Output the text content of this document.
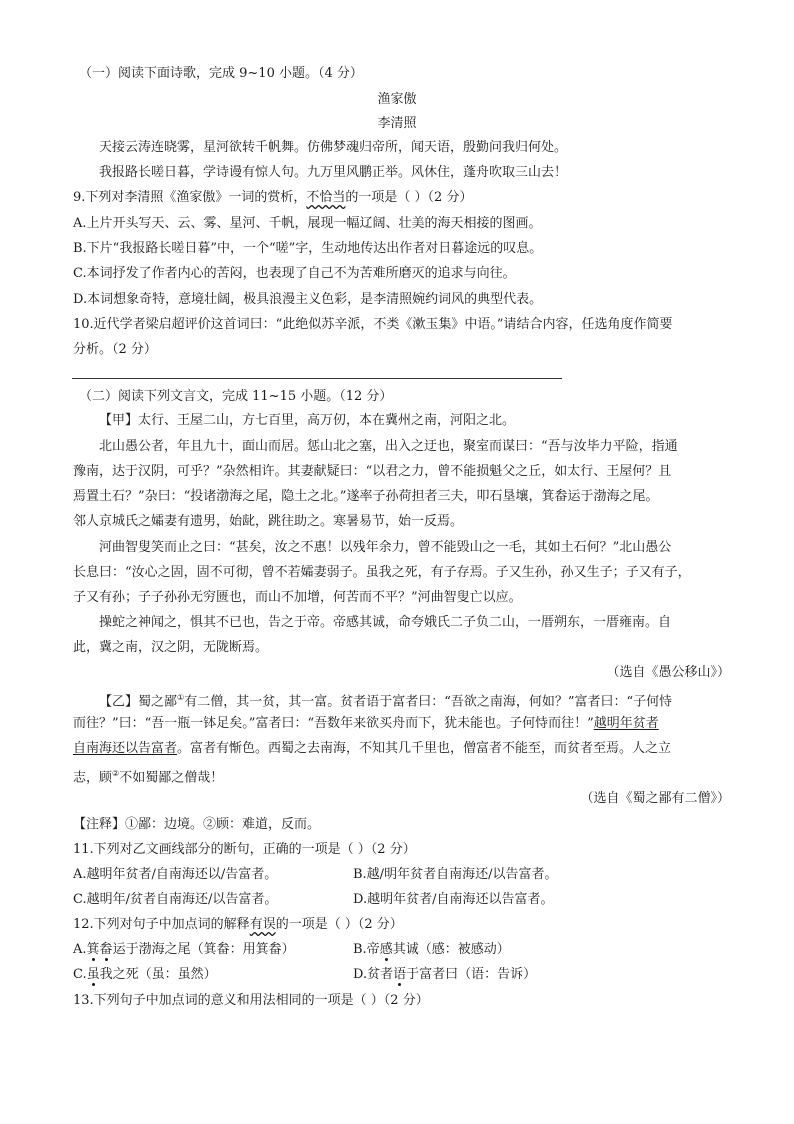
（一）阅读下面诗歌，完成 9~10 小题。（4 分）
渔家傲
李清照
天接云涛连晓雾，星河欲转千帆舞。仿佛梦魂归帝所，闻天语，殷勤问我归何处。
我报路长嗟日暮，学诗谩有惊人句。九万里风鹏正举。风休住，蓬舟吹取三山去！
9.下列对李清照《渔家傲》一词的赏析，不恰当的一项是（ ）（2 分）
A.上片开头写天、云、雾、星河、千帆，展现一幅辽阔、壮美的海天相接的图画。
B.下片“我报路长嗟日暮”中，一个“嗟”字，生动地传达出作者对日暮途远的叹息。
C.本词抒发了作者内心的苦闷，也表现了自己不为苦难所磨灭的追求与向往。
D.本词想象奇特，意境壮阔，极具浪漫主义色彩，是李清照婉约词风的典型代表。
10.近代学者梁启超评价这首词曰：“此绝似苏辛派，不类《漱玉集》中语。”请结合内容，任选角度作简要
分析。（2 分）
（二）阅读下列文言文，完成 11~15 小题。（12 分）
【甲】太行、王屋二山，方七百里，高万仞，本在冀州之南，河阳之北。
北山愚公者，年且九十，面山而居。惩山北之塞，出入之迂也，聚室而谋曰：“吾与汝毕力平险，指通
豫南，达于汉阴，可乎？”杂然相许。其妻献疑曰：“以君之力，曾不能损魁父之丘，如太行、王屋何？且
焉置土石？”杂曰：“投诸渤海之尾，隐土之北。”遂率子孙荷担者三夫，叩石垦壤，箕畚运于渤海之尾。
邻人京城氏之孀妻有遗男，始龀，跳往助之。寒暑易节，始一反焉。
河曲智叟笑而止之曰：“甚矣，汝之不惠！以残年余力，曾不能毁山之一毛，其如土石何？”北山愚公
长息曰：“汝心之固，固不可彻，曾不若孀妻弱子。虽我之死，有子存焉。子又生孙，孙又生子；子又有子，
子又有孙；子子孙孙无穷匮也，而山不加增，何苦而不平？”河曲智叟亡以应。
操蛇之神闻之，惧其不已也，告之于帝。帝感其诚，命夸娥氏二子负二山，一厝朔东，一厝雍南。自
此，冀之南，汉之阴，无陇断焉。
（选自《愚公移山》）
【乙】蜀之鄙①有二僧，其一贫，其一富。贫者语于富者曰：“吾欲之南海，何如？”富者曰：“子何恃
而往？”曰：“吾一瓶一钵足矣。”富者曰：“吾数年来欲买舟而下，犹未能也。子何恃而往！”越明年贫者
自南海还以告富者。富者有惭色。西蜀之去南海，不知其几千里也，僧富者不能至，而贫者至焉。人之立
志，顾②不如蜀鄙之僧哉！
（选自《蜀之鄙有二僧》）
【注释】①鄙：边境。②顾：难道，反而。
11.下列对乙文画线部分的断句，正确的一项是（ ）（2 分）
A.越明年贫者/自南海还以/告富者。	B.越/明年贫者自南海还/以告富者。
C.越明年/贫者自南海还/以告富者。	D.越明年贫者/自南海还以告富者。
12.下列对句子中加点词的解释有误的一项是（ ）（2 分）
A.箕畚运于渤海之尾（箕畚：用箕畚）	B.帝感其诚（感：被感动）
C.虽我之死（虽：虽然）	D.贫者语于富者曰（语：告诉）
13.下列句子中加点词的意义和用法相同的一项是（ ）（2 分）
